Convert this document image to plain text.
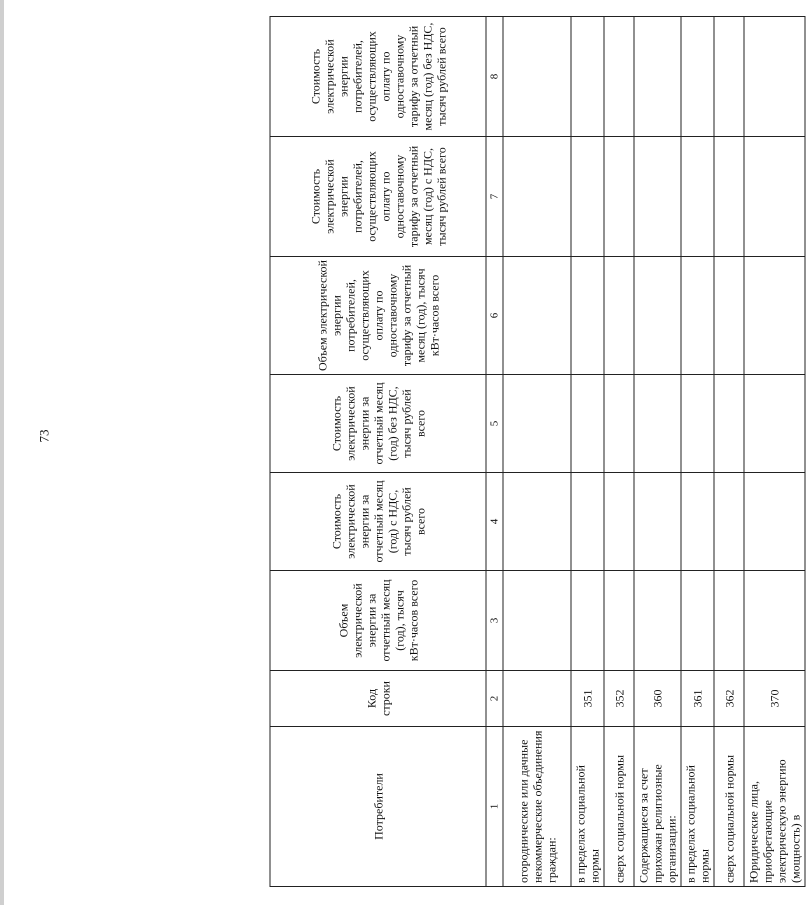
73
Потребители	Код строки	Объем электрической энергии за отчетный месяц (год), тысяч кВт·часов всего	Стоимость электрической энергии за отчетный месяц (год) с НДС, тысяч рублей всего	Стоимость электрической энергии за отчетный месяц (год) без НДС, тысяч рублей всего	Объем электрической энергии потребителей, осуществляющих оплату по одноставочному тарифу за отчетный месяц (год), тысяч кВт·часов всего	Стоимость электрической энергии потребителей, осуществляющих оплату по одноставочному тарифу за отчетный месяц (год) с НДС, тысяч рублей всего	Стоимость электрической энергии потребителей, осуществляющих оплату по одноставочному тарифу за отчетный месяц (год) без НДС, тысяч рублей всего
1	2	3	4	5	6	7	8
огороднические или дачные некоммерческие объединения граждан:							
в пределах социальной нормы	351						
сверх социальной нормы	352						
Содержащиеся за счет прихожан религиозные организации:	360						
в пределах социальной нормы	361						
сверх социальной нормы	362						
Юридические лица, приобретающие электрическую энергию (мощность) в	370						
